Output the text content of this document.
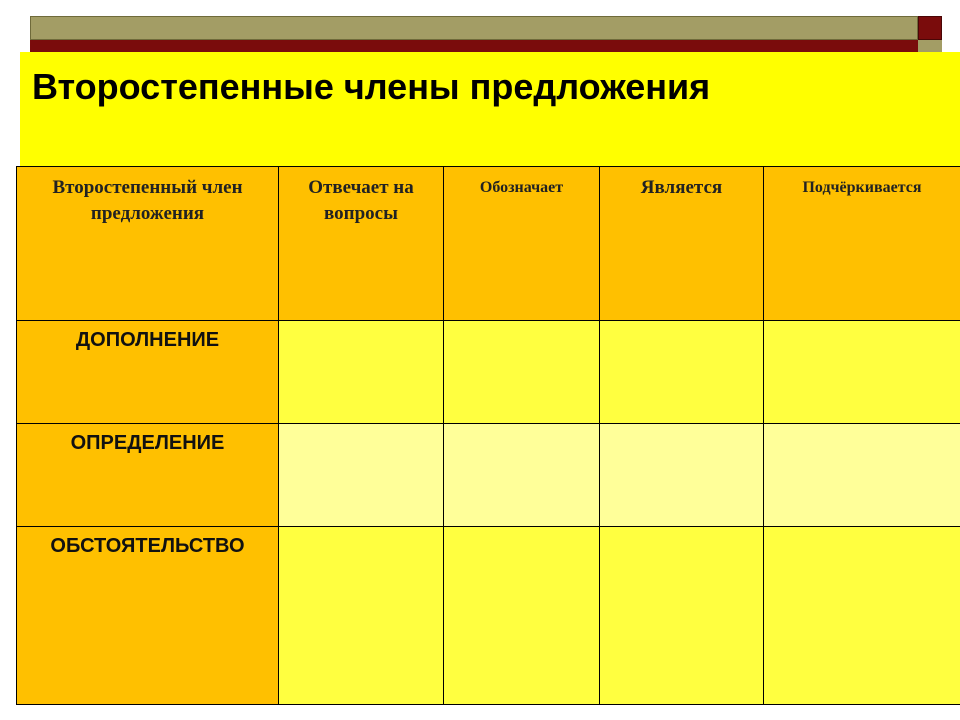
Второстепенные члены предложения
Второстепенный член предложения	Отвечает на вопросы	Обозначает	Является	Подчёркивается

ДОПОЛНЕНИЕ				

ОПРЕДЕЛЕНИЕ				

ОБСТОЯТЕЛЬСТВО				
